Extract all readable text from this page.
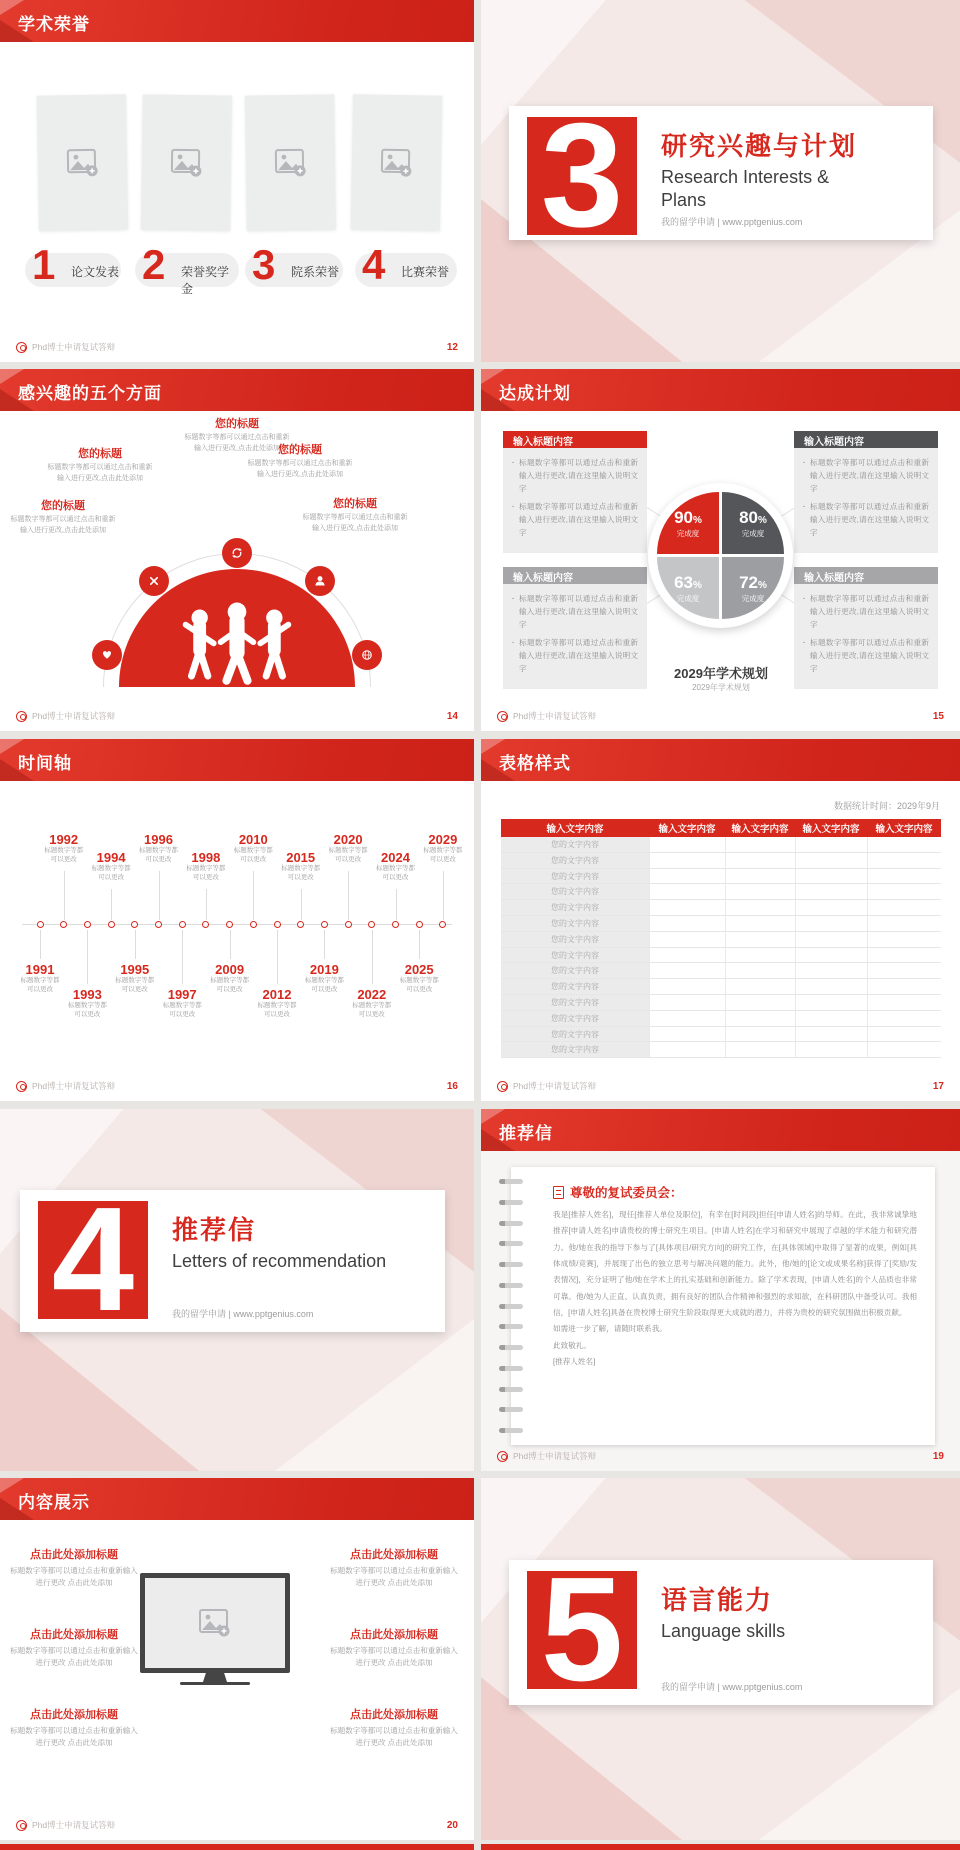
学术荣誉
1 论文发表 2 荣誉奖学金
3 院系荣誉 4 比赛荣誉
Phd博士申请复试答辩	12
3 研究兴趣与计划
Research Interests & Plans
我的留学申请 | www.pptgenius.com
感兴趣的五个方面
您的标题
标题数字等都可以通过点击和重新输入进行更改,点击此处添加
您的标题
标题数字等都可以通过点击和重新输入进行更改,点击此处添加
您的标题
标题数字等都可以通过点击和重新输入进行更改,点击此处添加
您的标题
标题数字等都可以通过点击和重新输入进行更改,点击此处添加
您的标题
标题数字等都可以通过点击和重新输入进行更改,点击此处添加
Phd博士申请复试答辩	14
达成计划
输入标题内容
· 标题数字等都可以通过点击和重新输入进行更改,请在这里输入说明文字
· 标题数字等都可以通过点击和重新输入进行更改,请在这里输入说明文字
输入标题内容
· 标题数字等都可以通过点击和重新输入进行更改,请在这里输入说明文字
· 标题数字等都可以通过点击和重新输入进行更改,请在这里输入说明文字
输入标题内容
· 标题数字等都可以通过点击和重新输入进行更改,请在这里输入说明文字
· 标题数字等都可以通过点击和重新输入进行更改,请在这里输入说明文字
输入标题内容
· 标题数字等都可以通过点击和重新输入进行更改,请在这里输入说明文字
· 标题数字等都可以通过点击和重新输入进行更改,请在这里输入说明文字
90 %
完成度
80 %
完成度
63 %
完成度
72 %
完成度
2029年学术规划
2029年学术规划
Phd博士申请复试答辩	15
时间轴
1991
标题数字等都
可以更改
1992
标题数字等都
可以更改
1993
标题数字等都
可以更改
1994
标题数字等都
可以更改
1995
标题数字等都
可以更改
1996
标题数字等都
可以更改
1997
标题数字等都
可以更改
1998
标题数字等都
可以更改
2009
标题数字等都
可以更改
2010
标题数字等都
可以更改
2012
标题数字等都
可以更改
2015
标题数字等都
可以更改
2019
标题数字等都
可以更改
2020
标题数字等都
可以更改
2022
标题数字等都
可以更改
2024
标题数字等都
可以更改
2025
标题数字等都
可以更改
2029
标题数字等都
可以更改
Phd博士申请复试答辩	16
表格样式
数据统计时间：2029年9月
输入文字内容	输入文字内容	输入文字内容	输入文字内容	输入文字内容
您的文字内容
您的文字内容
您的文字内容
您的文字内容
您的文字内容
您的文字内容
您的文字内容
您的文字内容
您的文字内容
您的文字内容
您的文字内容
您的文字内容
您的文字内容
您的文字内容
Phd博士申请复试答辩	17
4 推荐信
Letters of recommendation
我的留学申请 | www.pptgenius.com
推荐信
尊敬的复试委员会：

我是[推荐人姓名]，现任[推荐人单位及职位]，有幸在[时间段]担任[申请人姓名]的导师。在此，我非常诚挚地推荐[申请人姓名]申请贵校的博士研究生项目。[申请人姓名]在学习和研究中展现了卓越的学术能力和研究潜力。他/她在我的指导下参与了[具体项目/研究方向]的研究工作，在[具体领域]中取得了显著的成果，例如[具体成绩/竞赛]，并展现了出色的独立思考与解决问题的能力。此外，他/她的[论文或成果名称]获得了[奖励/发表情况]，充分证明了他/她在学术上的扎实基础和创新能力。除了学术表现，[申请人姓名]的个人品质也非常可靠。他/她为人正直、认真负责，拥有良好的团队合作精神和强烈的求知欲，在科研团队中备受认可。我相信，[申请人姓名]具备在贵校博士研究生阶段取得更大成就的潜力，并将为贵校的研究氛围做出积极贡献。

如需进一步了解，请随时联系我。

此致敬礼。

[推荐人姓名]

Phd博士申请复试答辩	19
内容展示
点击此处添加标题
标题数字等都可以通过点击和重新输入进行更改 点击此处添加
点击此处添加标题
标题数字等都可以通过点击和重新输入进行更改 点击此处添加
点击此处添加标题
标题数字等都可以通过点击和重新输入进行更改 点击此处添加
点击此处添加标题
标题数字等都可以通过点击和重新输入进行更改 点击此处添加
点击此处添加标题
标题数字等都可以通过点击和重新输入进行更改 点击此处添加
点击此处添加标题
标题数字等都可以通过点击和重新输入进行更改 点击此处添加
Phd博士申请复试答辩	20
5 语言能力
Language skills
我的留学申请 | www.pptgenius.com
